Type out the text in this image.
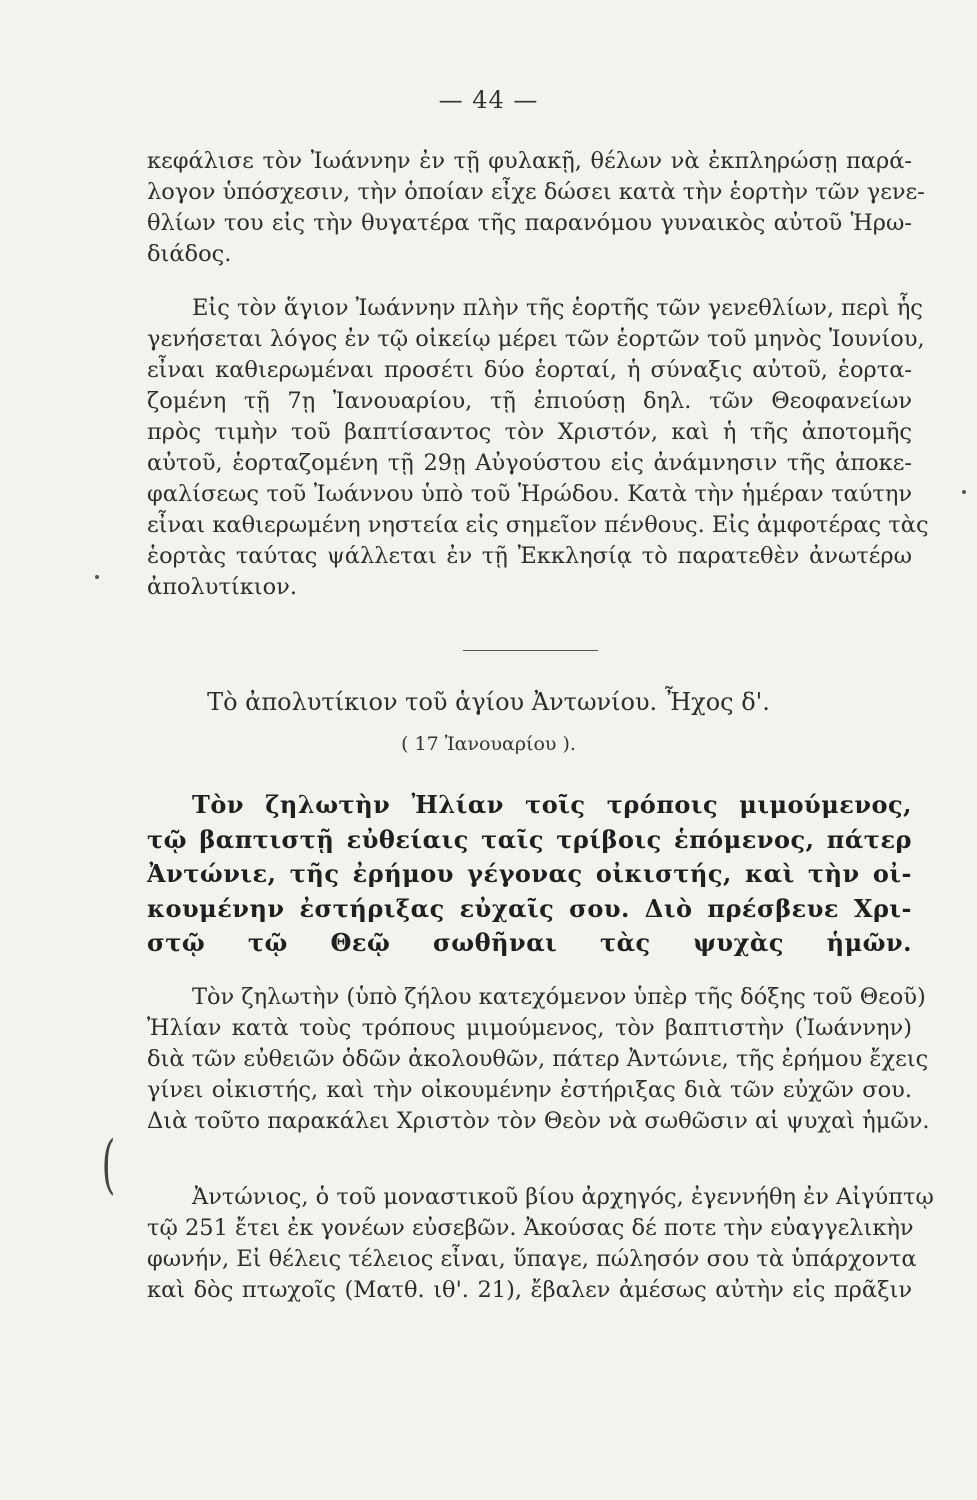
— 44 —
κεφάλισε τὸν Ἰωάννην ἐν τῇ φυλακῇ, θέλων νὰ ἐκπληρώσῃ παρά-
λογον ὑπόσχεσιν, τὴν ὁποίαν εἶχε δώσει κατὰ τὴν ἑορτὴν τῶν γενε-
θλίων του εἰς τὴν θυγατέρα τῆς παρανόμου γυναικὸς αὐτοῦ Ἡρω-
διάδος.
Εἰς τὸν ἅγιον Ἰωάννην πλὴν τῆς ἑορτῆς τῶν γενεθλίων, περὶ ἧς
γενήσεται λόγος ἐν τῷ οἰκείῳ μέρει τῶν ἑορτῶν τοῦ μηνὸς Ἰουνίου,
εἶναι καθιερωμέναι προσέτι δύο ἑορταί, ἡ σύναξις αὐτοῦ, ἑορτα-
ζομένη τῇ 7ῃ Ἰανουαρίου, τῇ ἐπιούσῃ δηλ. τῶν Θεοφανείων
πρὸς τιμὴν τοῦ βαπτίσαντος τὸν Χριστόν, καὶ ἡ τῆς ἀποτομῆς
αὐτοῦ, ἑορταζομένη τῇ 29ῃ Αὐγούστου εἰς ἀνάμνησιν τῆς ἀποκε-
φαλίσεως τοῦ Ἰωάννου ὑπὸ τοῦ Ἡρώδου. Κατὰ τὴν ἡμέραν ταύτην
εἶναι καθιερωμένη νηστεία εἰς σημεῖον πένθους. Εἰς ἀμφοτέρας τὰς
ἑορτὰς ταύτας ψάλλεται ἐν τῇ Ἐκκλησίᾳ τὸ παρατεθὲν ἀνωτέρω
ἀπολυτίκιον.
Τὸ ἀπολυτίκιον τοῦ ἁγίου Ἀντωνίου. Ἦχος δ'.
( 17 Ἰανουαρίου ).
Τὸν ζηλωτὴν Ἠλίαν τοῖς τρόποις μιμούμενος,
τῷ βαπτιστῇ εὐθείαις ταῖς τρίβοις ἑπόμενος, πάτερ
Ἀντώνιε, τῆς ἐρήμου γέγονας οἰκιστής, καὶ τὴν οἰ-
κουμένην ἐστήριξας εὐχαῖς σου. Διὸ πρέσβευε Χρι-
στῷ τῷ Θεῷ σωθῆναι τὰς ψυχὰς ἡμῶν.
Τὸν ζηλωτὴν (ὑπὸ ζήλου κατεχόμενον ὑπὲρ τῆς δόξης τοῦ Θεοῦ)
Ἠλίαν κατὰ τοὺς τρόπους μιμούμενος, τὸν βαπτιστὴν (Ἰωάννην)
διὰ τῶν εὐθειῶν ὁδῶν ἀκολουθῶν, πάτερ Ἀντώνιε, τῆς ἐρήμου ἔχεις
γίνει οἰκιστής, καὶ τὴν οἰκουμένην ἐστήριξας διὰ τῶν εὐχῶν σου.
Διὰ τοῦτο παρακάλει Χριστὸν τὸν Θεὸν νὰ σωθῶσιν αἱ ψυχαὶ ἡμῶν.
(	Ἀντώνιος, ὁ τοῦ μοναστικοῦ βίου ἀρχηγός, ἐγεννήθη ἐν Αἰγύπτῳ
τῷ 251 ἔτει ἐκ γονέων εὐσεβῶν. Ἀκούσας δέ ποτε τὴν εὐαγγελικὴν
φωνήν, Εἰ θέλεις τέλειος εἶναι, ὕπαγε, πώλησόν σου τὰ ὑπάρχοντα
καὶ δὸς πτωχοῖς (Ματθ. ιθ'. 21), ἔβαλεν ἀμέσως αὐτὴν εἰς πρᾶξιν
